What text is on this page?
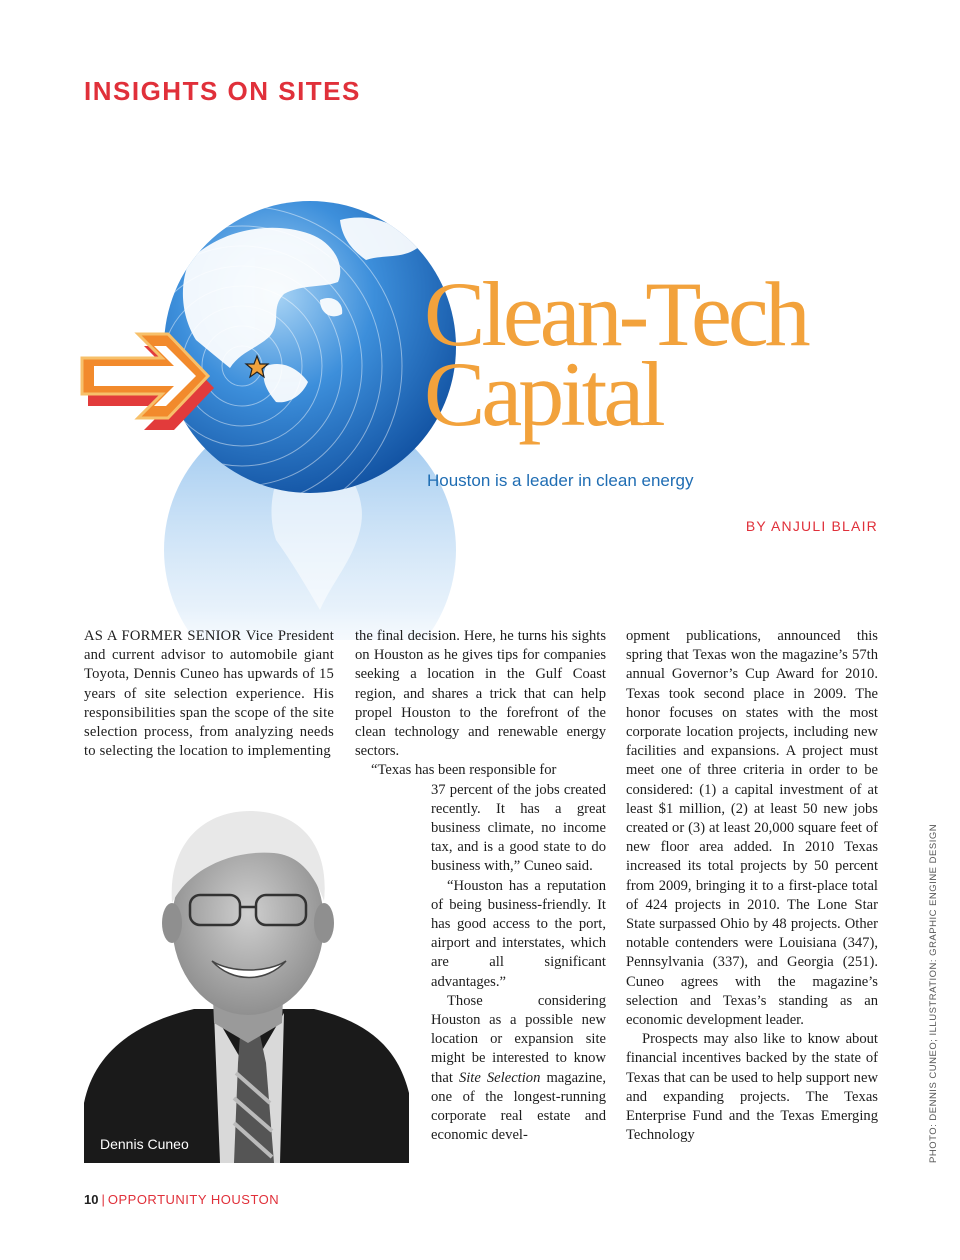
INSIGHTS ON SITES
Clean-Tech
Capital
Houston is a leader in clean energy
BY ANJULI BLAIR

AS A FORMER SENIOR Vice President and current advisor to automobile giant Toyota, Dennis Cuneo has upwards of 15 years of site selection experience. His responsibilities span the scope of the site selection process, from analyzing needs to selecting the location to implementing

Dennis Cuneo

the final decision. Here, he turns his sights on Houston as he gives tips for companies seeking a location in the Gulf Coast region, and shares a trick that can help propel Houston to the forefront of the clean technology and renewable energy sectors.

“Texas has been responsible for

37 percent of the jobs created recently. It has a great business climate, no income tax, and is a good state to do business with,” Cuneo said.

“Houston has a reputation of being business-friendly. It has good access to the port, airport and interstates, which are all significant advantages.”

Those considering Houston as a possible new location or expansion site might be interested to know that Site Selection magazine, one of the longest-running corporate real estate and economic devel-

opment publications, announced this spring that Texas won the magazine’s 57th annual Governor’s Cup Award for 2010. Texas took second place in 2009. The honor focuses on states with the most corporate location projects, including new facilities and expansions. A project must meet one of three criteria in order to be considered: (1) a capital investment of at least $1 million, (2) at least 50 new jobs created or (3) at least 20,000 square feet of new floor area added. In 2010 Texas increased its total projects by 50 percent from 2009, bringing it to a first-place total of 424 projects in 2010. The Lone Star State surpassed Ohio by 48 projects. Other notable contenders were Louisiana (347), Pennsylvania (337), and Georgia (251). Cuneo agrees with the magazine’s selection and Texas’s standing as an economic development leader.

Prospects may also like to know about financial incentives backed by the state of Texas that can be used to help support new and expanding projects. The Texas Enterprise Fund and the Texas Emerging Technology	PHOTO: DENNIS CUNEO; ILLUSTRATION: GRAPHIC ENGINE DESIGN
10 | OPPORTUNITY HOUSTON
